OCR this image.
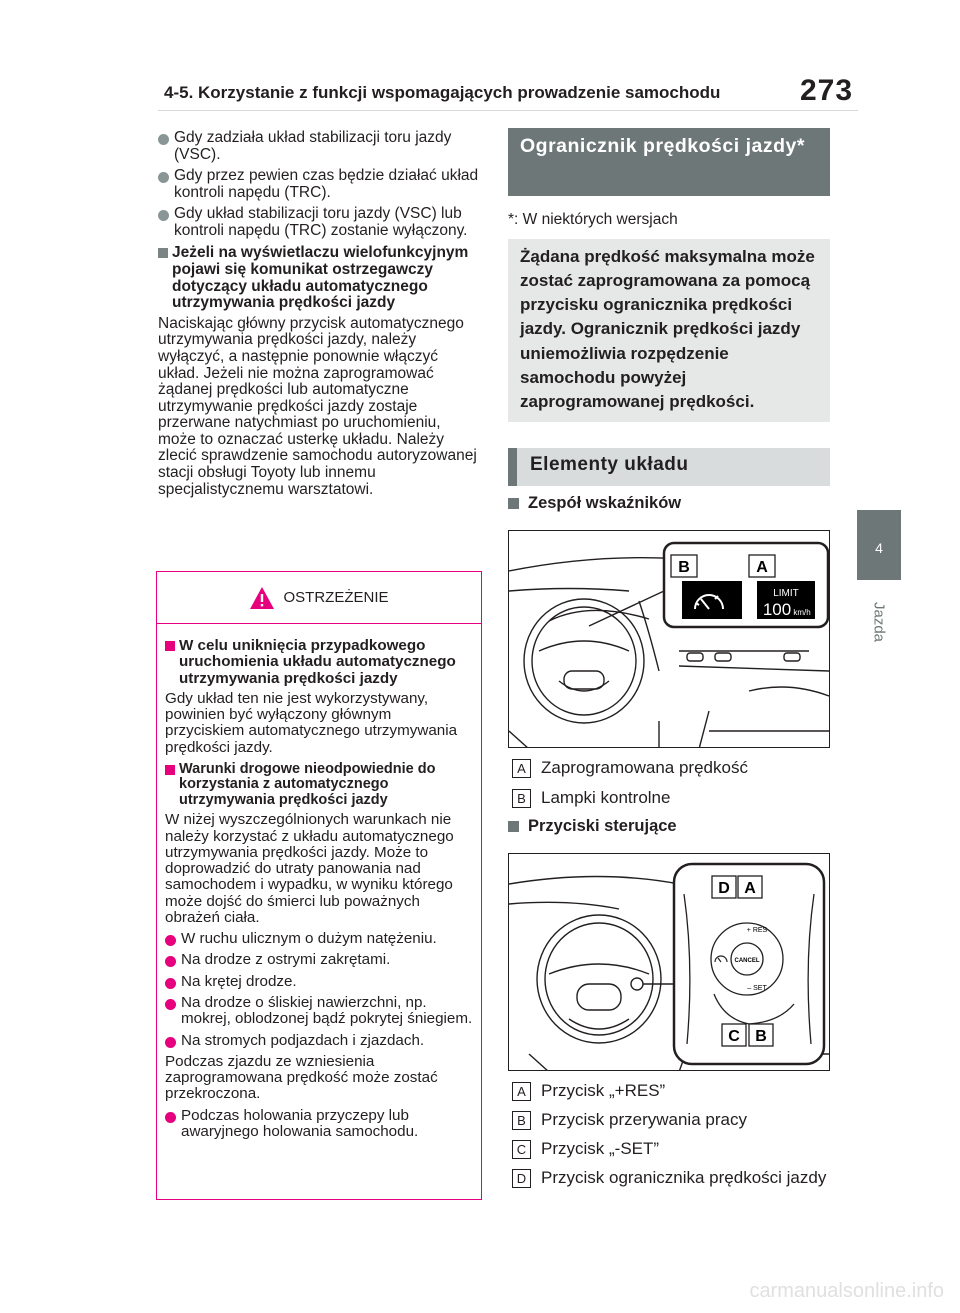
4-5. Korzystanie z funkcji wspomagających prowadzenie samochodu	273
4
Jazda
Gdy zadziała układ stabilizacji toru jazdy (VSC).
Gdy przez pewien czas będzie działać układ kontroli napędu (TRC).
Gdy układ stabilizacji toru jazdy (VSC) lub kontroli napędu (TRC) zostanie wyłączony.
Jeżeli na wyświetlaczu wielofunkcyjnym pojawi się komunikat ostrzegawczy dotyczący układu automatycznego utrzymywania prędkości jazdy
Naciskając główny przycisk automatycznego utrzymywania prędkości jazdy, należy wyłączyć, a następnie ponownie włączyć układ. Jeżeli nie można zaprogramować żądanej prędkości lub automatyczne utrzymywanie prędkości jazdy zostaje przerwane natychmiast po uruchomieniu, może to oznaczać usterkę układu. Należy zlecić sprawdzenie samochodu autoryzowanej stacji obsługi Toyoty lub innemu specjalistycznemu warsztatowi.
OSTRZEŻENIE
W celu uniknięcia przypadkowego uruchomienia układu automatycznego utrzymywania prędkości jazdy
Gdy układ ten nie jest wykorzystywany, powinien być wyłączony głównym przyciskiem automatycznego utrzymywania prędkości jazdy.
Warunki drogowe nieodpowiednie do korzystania z automatycznego utrzymywania prędkości jazdy
W niżej wyszczególnionych warunkach nie należy korzystać z układu automatycznego utrzymywania prędkości jazdy. Może to doprowadzić do utraty panowania nad samochodem i wypadku, w wyniku którego może dojść do śmierci lub poważnych obrażeń ciała.
W ruchu ulicznym o dużym natężeniu.
Na drodze z ostrymi zakrętami.
Na krętej drodze.
Na drodze o śliskiej nawierzchni, np. mokrej, oblodzonej bądź pokrytej śniegiem.
Na stromych podjazdach i zjazdach.
Podczas zjazdu ze wzniesienia zaprogramowana prędkość może zostać przekroczona.
Podczas holowania przyczepy lub awaryjnego holowania samochodu.
Ogranicznik prędkości jazdy*
*: W niektórych wersjach
Żądana prędkość maksymalna może zostać zaprogramowana za pomocą przycisku ogranicznika prędkości jazdy. Ogranicznik prędkości jazdy uniemożliwia rozpędzenie samochodu powyżej zaprogramowanej prędkości.
Elementy układu
Zespół wskaźników
LIMIT
100 km/h
B	A
A Zaprogramowana prędkość
B Lampki kontrolne
Przyciski sterujące
CANCEL
+ RES
– SET
D A
C B
A Przycisk „+RES”
B Przycisk przerywania pracy
C Przycisk „-SET”
D Przycisk ogranicznika prędkości jazdy
carmanualsonline.info
